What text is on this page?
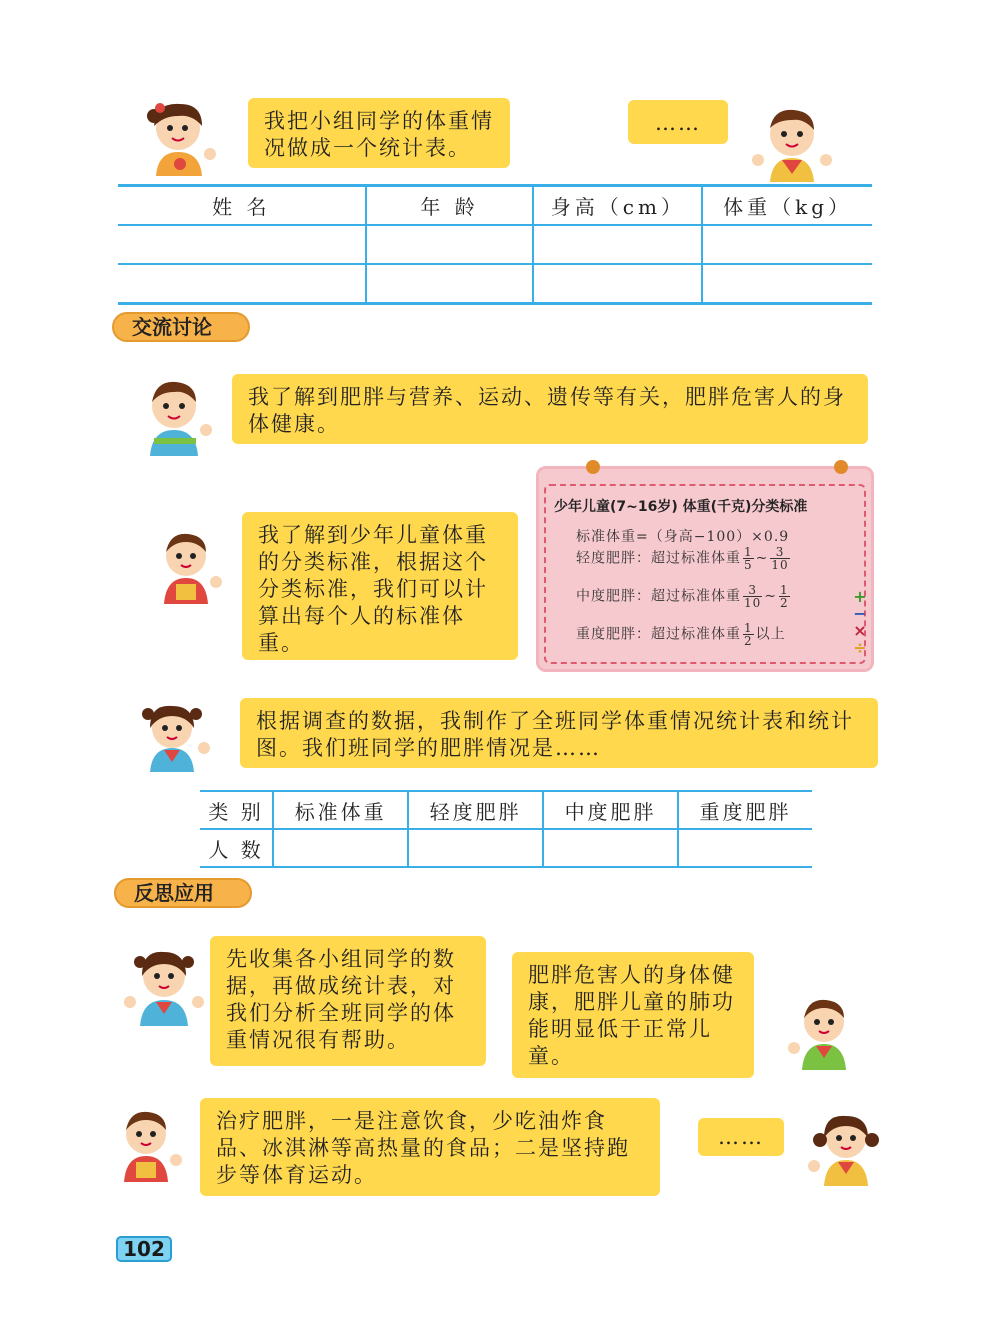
我把小组同学的体重情况做成一个统计表。
……
姓 名	年 龄	身高（cm）	体重（kg）

交流讨论
我了解到肥胖与营养、运动、遗传等有关，肥胖危害人的身体健康。
少年儿童(7~16岁) 体重(千克)分类标准
标准体重=（身高−100）×0.9
轻度肥胖：超过标准体重 $\frac{1}{5}$ ~ $\frac{3}{10}$
中度肥胖：超过标准体重 $\frac{3}{10}$ ~ $\frac{1}{2}$
重度肥胖：超过标准体重 $\frac{1}{2}$ 以上
+
−
×
÷
我了解到少年儿童体重的分类标准，根据这个分类标准，我们可以计算出每个人的标准体重。
根据调查的数据，我制作了全班同学体重情况统计表和统计图。我们班同学的肥胖情况是……
类 别	标准体重	轻度肥胖	中度肥胖	重度肥胖
人 数				
反思应用
先收集各小组同学的数据，再做成统计表，对我们分析全班同学的体重情况很有帮助。
肥胖危害人的身体健康，肥胖儿童的肺功能明显低于正常儿童。
治疗肥胖，一是注意饮食，少吃油炸食品、冰淇淋等高热量的食品；二是坚持跑步等体育运动。
……
102
